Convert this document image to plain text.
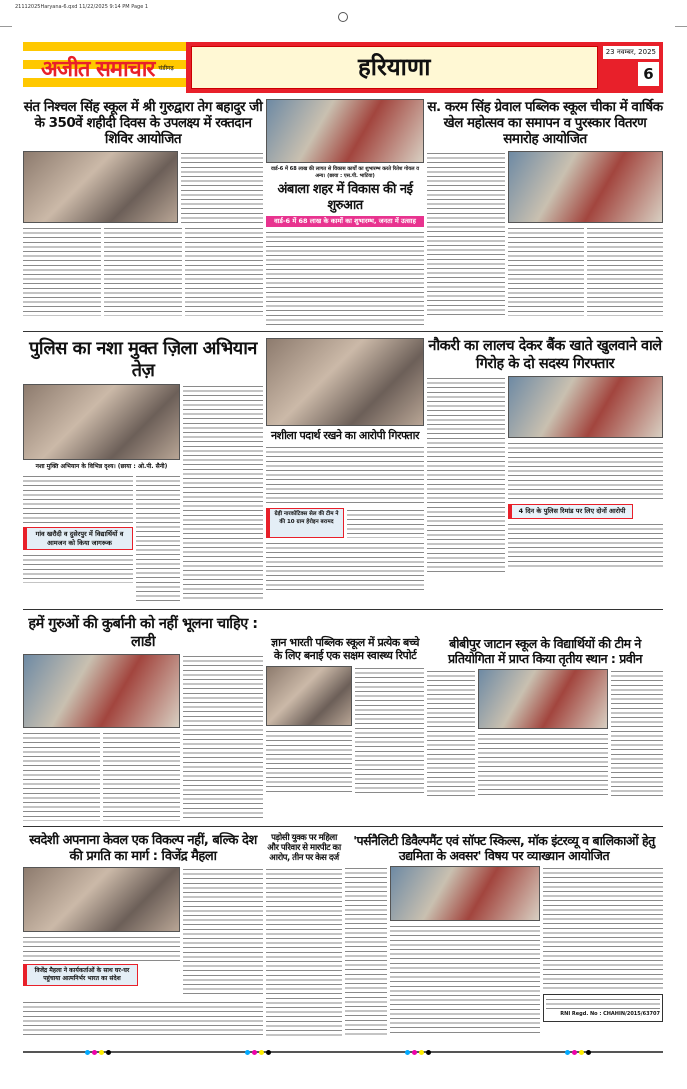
21112025Haryana-6.qxd 11/22/2025 9:14 PM Page 1
अजीत समाचार चंडीगढ़	हरियाणा
23 नवम्बर, 2025
6
संत निश्चल सिंह स्कूल में श्री गुरुद्वारा तेग बहादुर जी के 350वें शहीदी दिवस के उपलक्ष्य में रक्तदान शिविर आयोजित
वार्ड-6 में 68 लाख की लागत से विकास कार्यों का शुभारम्भ करते रितेश गोयल व अन्य। (छाया : एस.पी. भाटिया)
अंबाला शहर में विकास की नई शुरुआत
वार्ड-6 में 68 लाख के कामों का शुभारम्भ, जनता में उत्साह
स. करम सिंह ग्रेवाल पब्लिक स्कूल चीका में वार्षिक खेल महोत्सव का समापन व पुरस्कार वितरण समारोह आयोजित
पुलिस का नशा मुक्त ज़िला अभियान तेज़
नशा मुक्ति अभियान के विभिन्न दृश्य। (छाया : ओ.पी. सैनी)
गांव खरौदी व दुसेरपुर में विद्यार्थियों व आमजन को किया जागरूक
नशीला पदार्थ रखने का आरोपी गिरफ्तार
ग्रेड़ी नारकोटिक्स सेल की टीम ने की 10 ग्राम हेरोइन बरामद
नौकरी का लालच देकर बैंक खाते खुलवाने वाले गिरोह के दो सदस्य गिरफ्तार
4 दिन के पुलिस रिमांड पर लिए दोनों आरोपी
हमें गुरुओं की कुर्बानी को नहीं भूलना चाहिए : लाडी	ज्ञान भारती पब्लिक स्कूल में प्रत्येक बच्चे के लिए बनाई एक सक्षम स्वास्थ्य रिपोर्ट
बीबीपुर जाटान स्कूल के विद्यार्थियों की टीम ने प्रतियोगिता में प्राप्त किया तृतीय स्थान : प्रवीन
स्वदेशी अपनाना केवल एक विकल्प नहीं, बल्कि देश की प्रगति का मार्ग : विजेंद्र मैहला
विजेंद्र मैहला ने कार्यकर्ताओं के साथ घर-घर पहुंचाया आत्मनिर्भर भारत का संदेश
पड़ोसी युवक पर महिला और परिवार से मारपीट का आरोप, तीन पर केस दर्ज
'पर्सनैलिटी डिवैल्पमैंट एवं सॉफ्ट स्किल्स, मॉक इंटरव्यू व बालिकाओं हेतु उद्यमिता के अवसर' विषय पर व्याख्यान आयोजित
RNI Regd. No : CHAHIN/2015/63707
